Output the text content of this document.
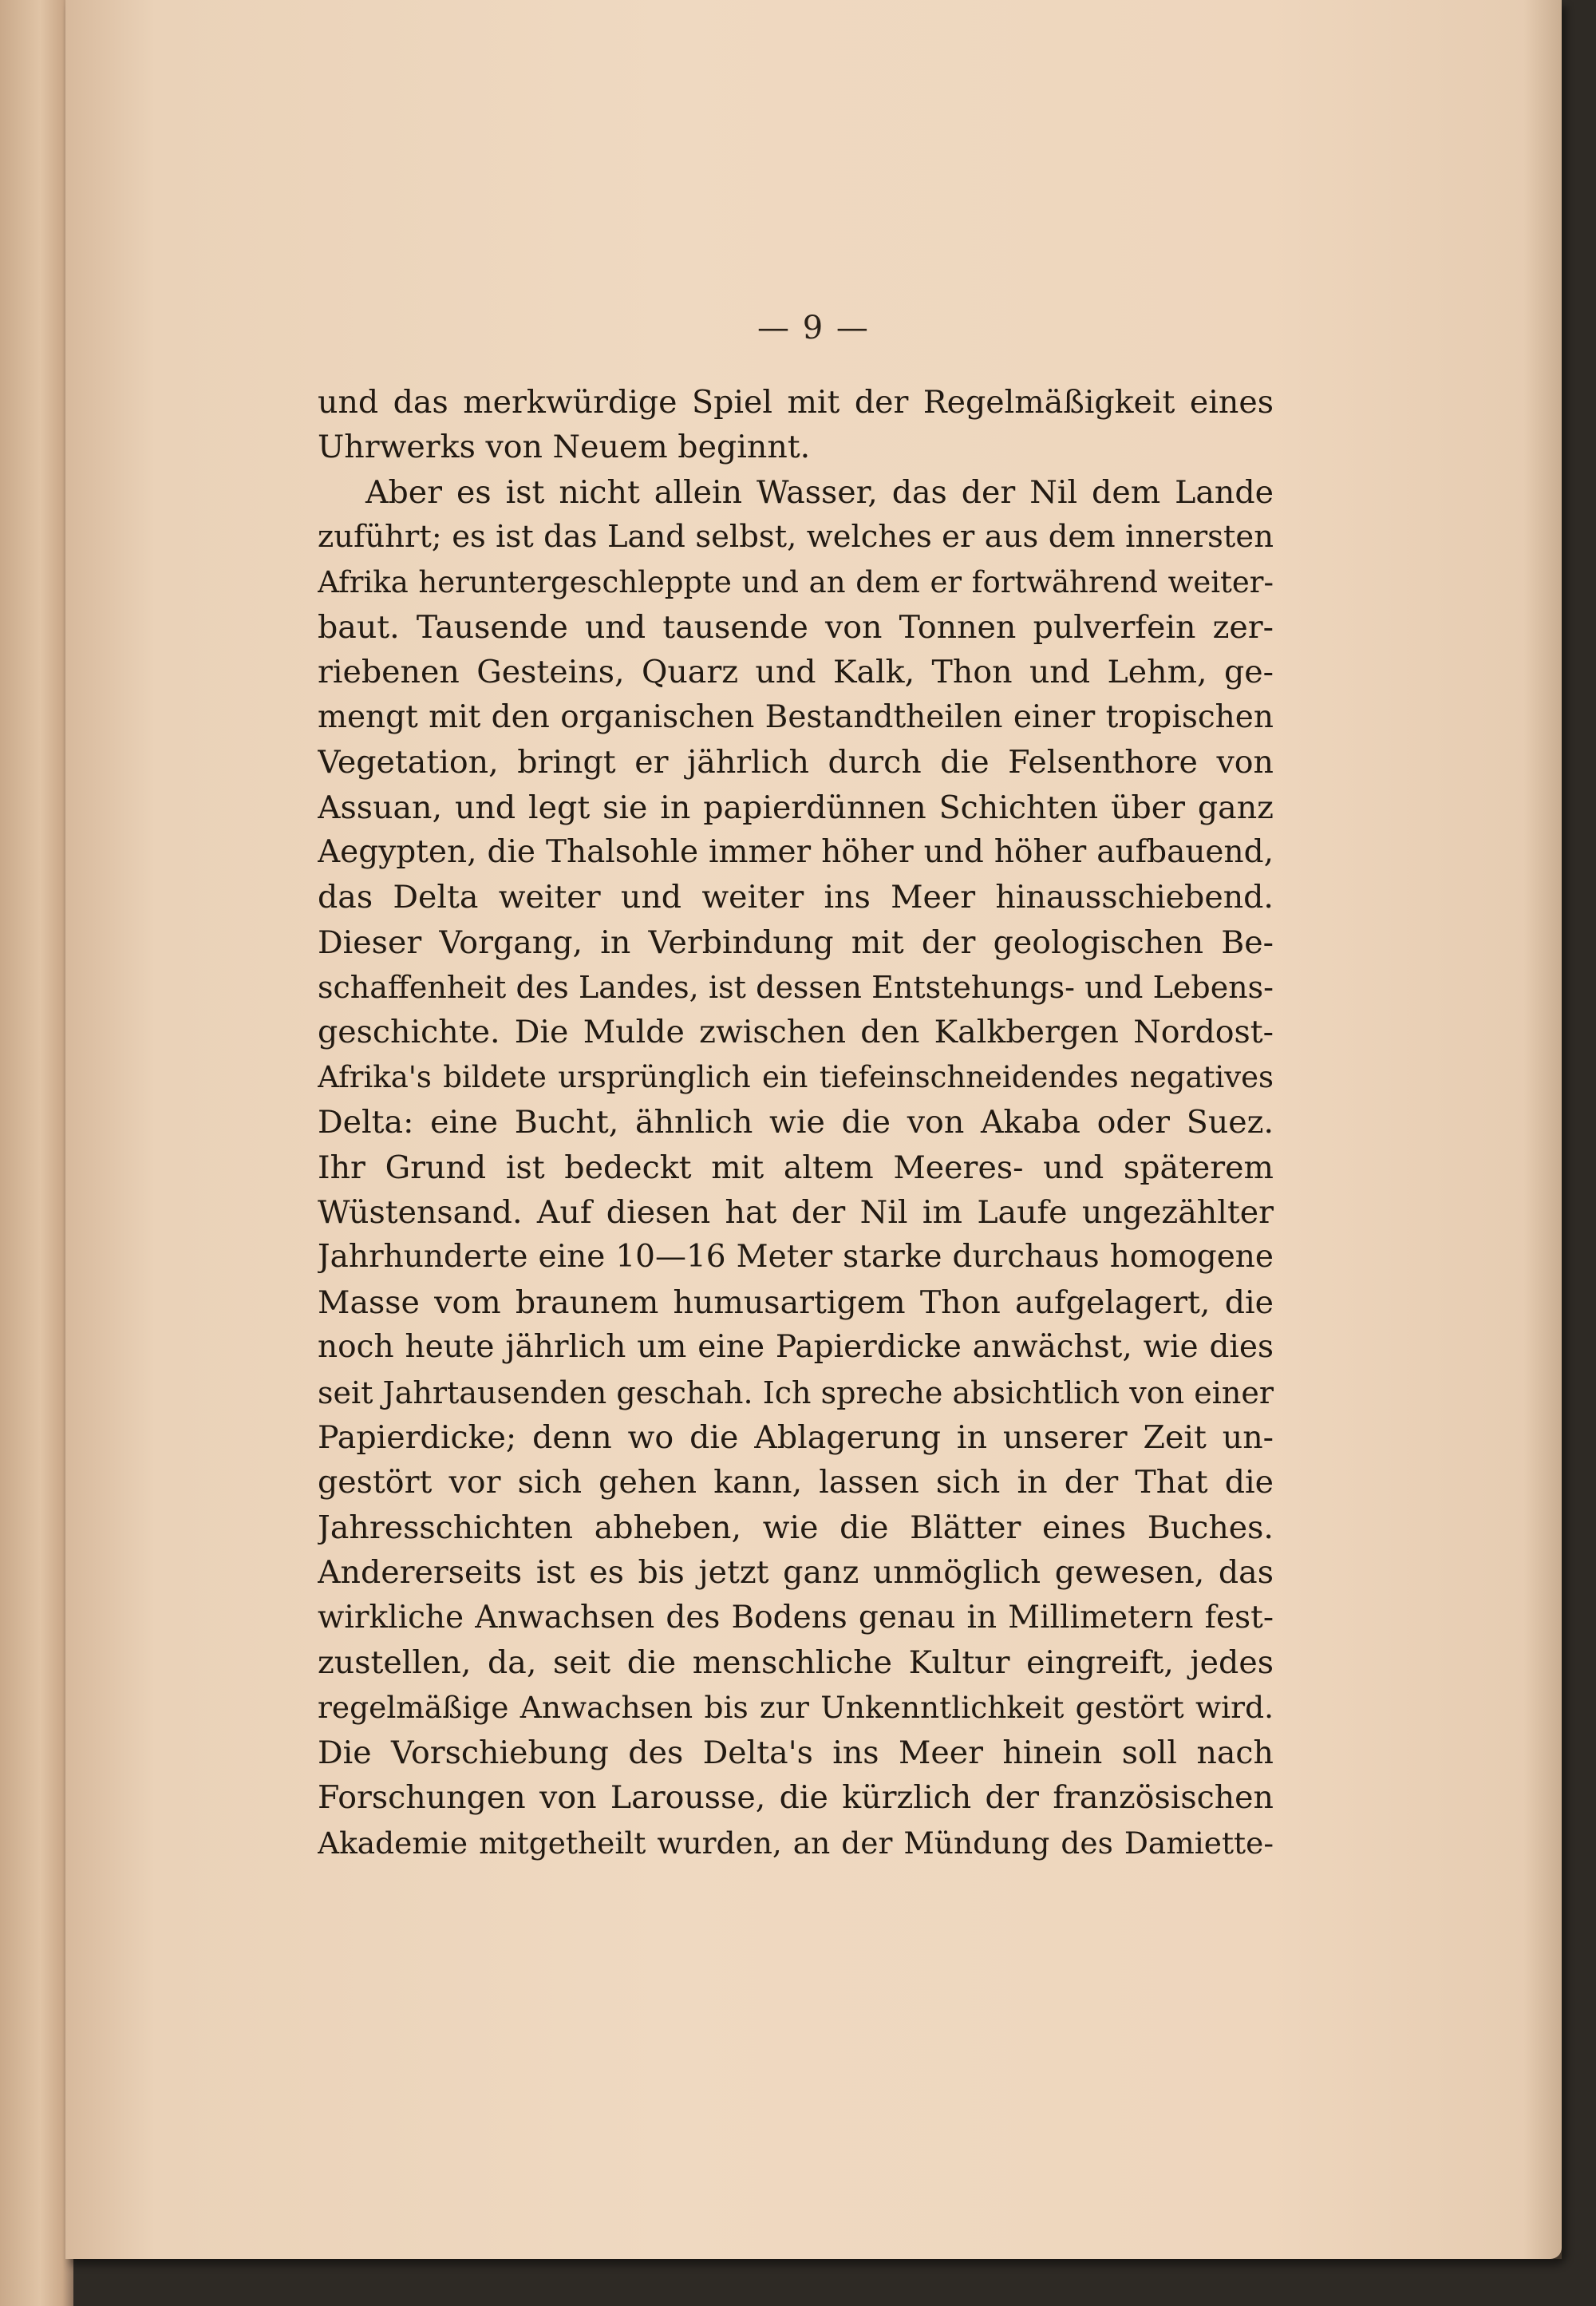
— 9 —
und das merkwürdige Spiel mit der Regelmäßigkeit eines
Uhrwerks von Neuem beginnt.
Aber es ist nicht allein Wasser, das der Nil dem Lande
zuführt; es ist das Land selbst, welches er aus dem innersten
Afrika heruntergeschleppte und an dem er fortwährend weiter-
baut. Tausende und tausende von Tonnen pulverfein zer-
riebenen Gesteins, Quarz und Kalk, Thon und Lehm, ge-
mengt mit den organischen Bestandtheilen einer tropischen
Vegetation, bringt er jährlich durch die Felsenthore von
Assuan, und legt sie in papierdünnen Schichten über ganz
Aegypten, die Thalsohle immer höher und höher aufbauend,
das Delta weiter und weiter ins Meer hinausschiebend.
Dieser Vorgang, in Verbindung mit der geologischen Be-
schaffenheit des Landes, ist dessen Entstehungs- und Lebens-
geschichte. Die Mulde zwischen den Kalkbergen Nordost-
Afrika's bildete ursprünglich ein tiefeinschneidendes negatives
Delta: eine Bucht, ähnlich wie die von Akaba oder Suez.
Ihr Grund ist bedeckt mit altem Meeres- und späterem
Wüstensand. Auf diesen hat der Nil im Laufe ungezählter
Jahrhunderte eine 10—16 Meter starke durchaus homogene
Masse vom braunem humusartigem Thon aufgelagert, die
noch heute jährlich um eine Papierdicke anwächst, wie dies
seit Jahrtausenden geschah. Ich spreche absichtlich von einer
Papierdicke; denn wo die Ablagerung in unserer Zeit un-
gestört vor sich gehen kann, lassen sich in der That die
Jahresschichten abheben, wie die Blätter eines Buches.
Andererseits ist es bis jetzt ganz unmöglich gewesen, das
wirkliche Anwachsen des Bodens genau in Millimetern fest-
zustellen, da, seit die menschliche Kultur eingreift, jedes
regelmäßige Anwachsen bis zur Unkenntlichkeit gestört wird.
Die Vorschiebung des Delta's ins Meer hinein soll nach
Forschungen von Larousse, die kürzlich der französischen
Akademie mitgetheilt wurden, an der Mündung des Damiette-
